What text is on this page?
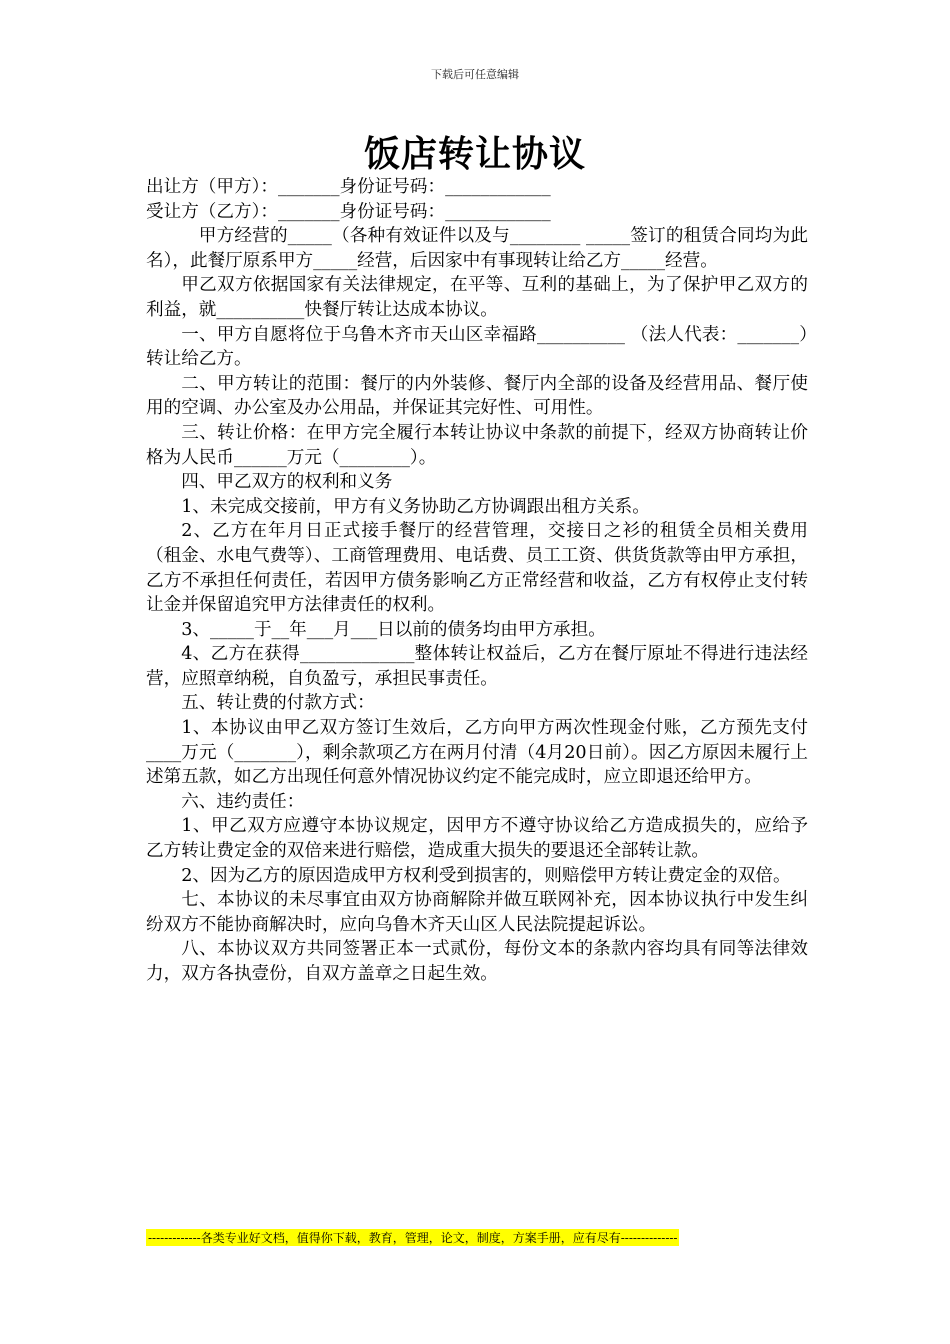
下载后可任意编辑
饭店转让协议

出让方（甲方）：_______身份证号码：____________

受让方（乙方）：_______身份证号码：____________

甲方经营的_____（各种有效证件以及与________ _____签订的租赁合同均为此名），此餐厅原系甲方_____经营，后因家中有事现转让给乙方_____经营。

甲乙双方依据国家有关法律规定，在平等、互利的基础上，为了保护甲乙双方的利益，就__________快餐厅转让达成本协议。

一、甲方自愿将位于乌鲁木齐市天山区幸福路__________ （法人代表：_______）转让给乙方。

二、甲方转让的范围：餐厅的内外装修、餐厅内全部的设备及经营用品、餐厅使用的空调、办公室及办公用品，并保证其完好性、可用性。

三、转让价格：在甲方完全履行本转让协议中条款的前提下，经双方协商转让价格为人民币______万元（________）。

四、甲乙双方的权利和义务

1、未完成交接前，甲方有义务协助乙方协调跟出租方关系。

2、乙方在年月日正式接手餐厅的经营管理，交接日之衫的租赁全员相关费用（租金、水电气费等）、工商管理费用、电话费、员工工资、供货货款等由甲方承担，乙方不承担任何责任，若因甲方债务影响乙方正常经营和收益，乙方有权停止支付转让金并保留追究甲方法律责任的权利。

3、_____于__年___月___日以前的债务均由甲方承担。

4、乙方在获得_____________整体转让权益后，乙方在餐厅原址不得进行违法经营，应照章纳税，自负盈亏，承担民事责任。

五、转让费的付款方式：

1、本协议由甲乙双方签订生效后，乙方向甲方两次性现金付账，乙方预先支付____万元（_______），剩余款项乙方在两月付清（4月20日前）。因乙方原因未履行上述第五款，如乙方出现任何意外情况协议约定不能完成时，应立即退还给甲方。

六、违约责任：

1、甲乙双方应遵守本协议规定，因甲方不遵守协议给乙方造成损失的，应给予乙方转让费定金的双倍来进行赔偿，造成重大损失的要退还全部转让款。

2、因为乙方的原因造成甲方权利受到损害的，则赔偿甲方转让费定金的双倍。

七、本协议的未尽事宜由双方协商解除并做互联网补充，因本协议执行中发生纠纷双方不能协商解决时，应向乌鲁木齐天山区人民法院提起诉讼。

八、本协议双方共同签署正本一式贰份，每份文本的条款内容均具有同等法律效力，双方各执壹份，自双方盖章之日起生效。

-------------各类专业好文档，值得你下载，教育，管理，论文，制度，方案手册，应有尽有--------------
